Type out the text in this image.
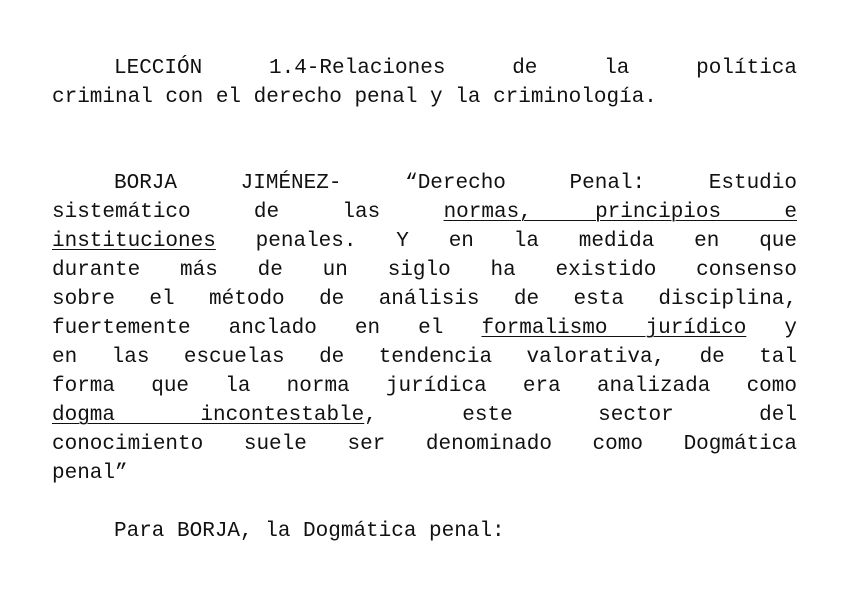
LECCIÓN 1.4-Relaciones de la política
criminal con el derecho penal y la criminología.
BORJA JIMÉNEZ- “Derecho Penal: Estudio
sistemático de las	normas, principios e
instituciones penales. Y en la medida en que
durante más de un siglo ha existido consenso
sobre el método de análisis de esta disciplina,
fuertemente anclado en el formalismo jurídico y
en las escuelas de tendencia valorativa, de tal
forma que la norma jurídica era analizada como
dogma incontestable, este sector del
conocimiento suele ser denominado como Dogmática
penal”
Para BORJA, la Dogmática penal:
